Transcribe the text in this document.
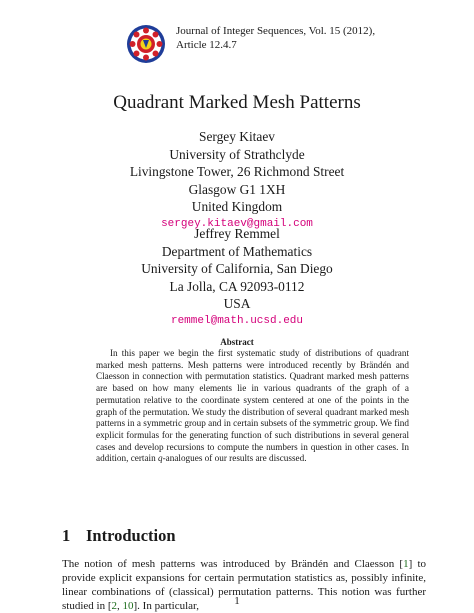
Journal of Integer Sequences, Vol. 15 (2012),
Article 12.4.7
Quadrant Marked Mesh Patterns
Sergey Kitaev
University of Strathclyde
Livingstone Tower, 26 Richmond Street
Glasgow G1 1XH
United Kingdom
sergey.kitaev@gmail.com
Jeffrey Remmel
Department of Mathematics
University of California, San Diego
La Jolla, CA 92093-0112
USA
remmel@math.ucsd.edu
Abstract

In this paper we begin the first systematic study of distributions of quadrant marked mesh patterns. Mesh patterns were introduced recently by Brändén and Claesson in connection with permutation statistics. Quadrant marked mesh patterns are based on how many elements lie in various quadrants of the graph of a permutation relative to the coordinate system centered at one of the points in the graph of the permutation. We study the distribution of several quadrant marked mesh patterns in a symmetric group and in certain subsets of the symmetric group. We find explicit formulas for the generating function of such distributions in several general cases and develop recursions to compute the numbers in question in other cases. In addition, certain q-analogues of our results are discussed.

1 Introduction

The notion of mesh patterns was introduced by Brändén and Claesson [1] to provide explicit expansions for certain permutation statistics as, possibly infinite, linear combinations of (classical) permutation patterns. This notion was further studied in [2, 10]. In particular,	1
